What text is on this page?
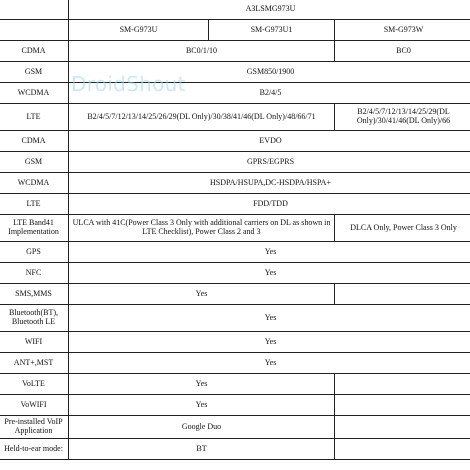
	A3LSMG973U		
	SM-G973U	SM-G973U1	SM-G973W
CDMA	BC0/1/10		BC0
GSM	GSM850/1900		
WCDMA	B2/4/5		
LTE	B2/4/5/7/12/13/14/25/26/29(DL Only)/30/38/41/46(DL Only)/48/66/71		B2/4/5/7/12/13/14/25/29(DL Only)/30/41/46(DL Only)/66
CDMA	EVDO		
GSM	GPRS/EGPRS		
WCDMA	HSDPA/HSUPA,DC-HSDPA/HSPA+		
LTE	FDD/TDD		
LTE Band41 Implementation	ULCA with 41C(Power Class 3 Only with additional carriers on DL as shown in LTE Checklist), Power Class 2 and 3		DLCA Only, Power Class 3 Only
GPS	Yes		
NFC	Yes		
SMS,MMS	Yes		
Bluetooth(BT), Bluetooth LE	Yes		
WIFI	Yes		
ANT+,MST	Yes		
VoLTE	Yes		
VoWIFI	Yes		
Pre-installed VoIP Application	Google Duo		
Held-to-ear mode:	BT		
DroidShout
